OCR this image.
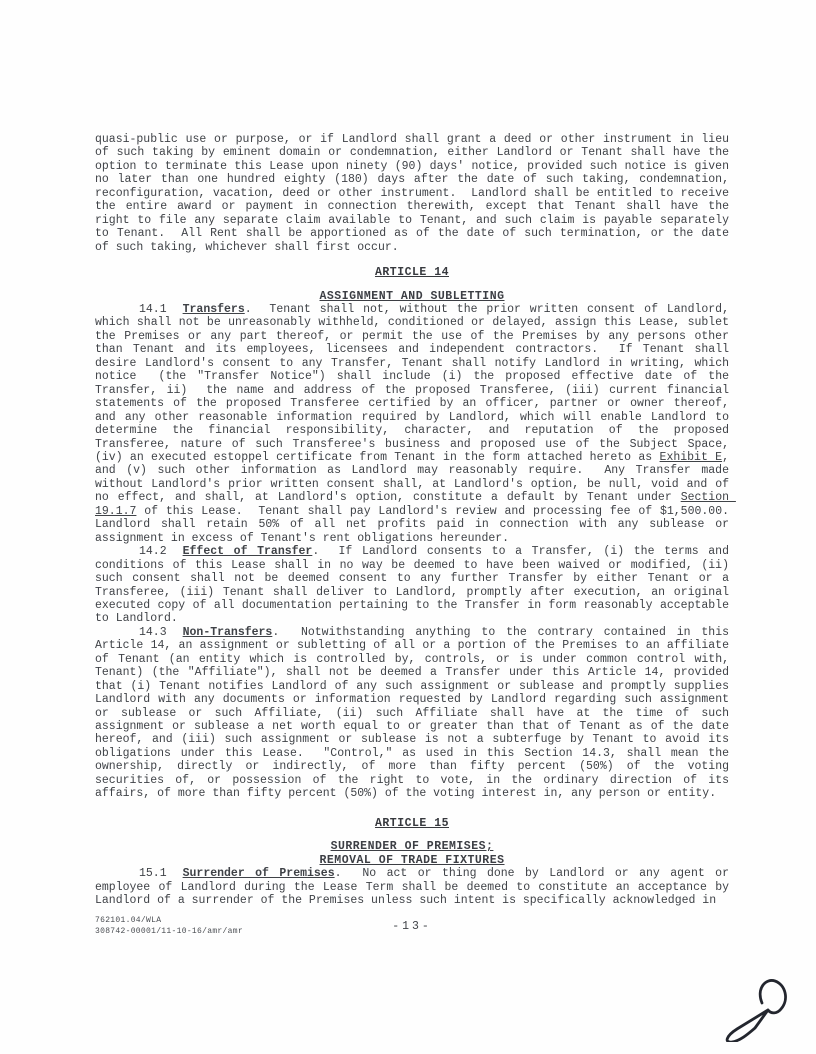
quasi-public use or purpose, or if Landlord shall grant a deed or other instrument in lieu of such taking by eminent domain or condemnation, either Landlord or Tenant shall have the option to terminate this Lease upon ninety (90) days' notice, provided such notice is given no later than one hundred eighty (180) days after the date of such taking, condemnation, reconfiguration, vacation, deed or other instrument.  Landlord shall be entitled to receive the entire award or payment in connection therewith, except that Tenant shall have the right to file any separate claim available to Tenant, and such claim is payable separately to Tenant.  All Rent shall be apportioned as of the date of such termination, or the date of such taking, whichever shall first occur.

ARTICLE 14
ASSIGNMENT AND SUBLETTING

14.1 Transfers.  Tenant shall not, without the prior written consent of Landlord, which shall not be unreasonably withheld, conditioned or delayed, assign this Lease, sublet the Premises or any part thereof, or permit the use of the Premises by any persons other than Tenant and its employees, licensees and independent contractors.  If Tenant shall desire Landlord's consent to any Transfer, Tenant shall notify Landlord in writing, which notice  (the "Transfer Notice") shall include (i) the proposed effective date of the Transfer, ii)  the name and address of the proposed Transferee, (iii) current financial statements of the proposed Transferee certified by an officer, partner or owner thereof, and any other reasonable information required by Landlord, which will enable Landlord to determine the financial responsibility, character, and reputation of the proposed Transferee, nature of such Transferee's business and proposed use of the Subject Space, (iv) an executed estoppel certificate from Tenant in the form attached hereto as Exhibit E, and (v) such other information as Landlord may reasonably require.  Any Transfer made without Landlord's prior written consent shall, at Landlord's option, be null, void and of no effect, and shall, at Landlord's option, constitute a default by Tenant under Section 19.1.7 of this Lease.  Tenant shall pay Landlord's review and processing fee of $1,500.00.  Landlord shall retain 50% of all net profits paid in connection with any sublease or assignment in excess of Tenant's rent obligations hereunder.

14.2 Effect of Transfer.  If Landlord consents to a Transfer, (i) the terms and conditions of this Lease shall in no way be deemed to have been waived or modified, (ii) such consent shall not be deemed consent to any further Transfer by either Tenant or a Transferee, (iii) Tenant shall deliver to Landlord, promptly after execution, an original executed copy of all documentation pertaining to the Transfer in form reasonably acceptable to Landlord.

14.3 Non-Transfers.  Notwithstanding anything to the contrary contained in this Article 14, an assignment or subletting of all or a portion of the Premises to an affiliate of Tenant (an entity which is controlled by, controls, or is under common control with, Tenant) (the "Affiliate"), shall not be deemed a Transfer under this Article 14, provided that (i) Tenant notifies Landlord of any such assignment or sublease and promptly supplies Landlord with any documents or information requested by Landlord regarding such assignment or sublease or such Affiliate, (ii) such Affiliate shall have at the time of such assignment or sublease a net worth equal to or greater than that of Tenant as of the date hereof, and (iii) such assignment or sublease is not a subterfuge by Tenant to avoid its obligations under this Lease.  "Control," as used in this Section 14.3, shall mean the ownership, directly or indirectly, of more than fifty percent (50%) of the voting securities of, or possession of the right to vote, in the ordinary direction of its affairs, of more than fifty percent (50%) of the voting interest in, any person or entity.

ARTICLE 15
SURRENDER OF PREMISES;
REMOVAL OF TRADE FIXTURES

15.1 Surrender of Premises.  No act or thing done by Landlord or any agent or employee of Landlord during the Lease Term shall be deemed to constitute an acceptance by Landlord of a surrender of the Premises unless such intent is specifically acknowledged in

762101.04/WLA
308742-00001/11-10-16/amr/amr	-13-
